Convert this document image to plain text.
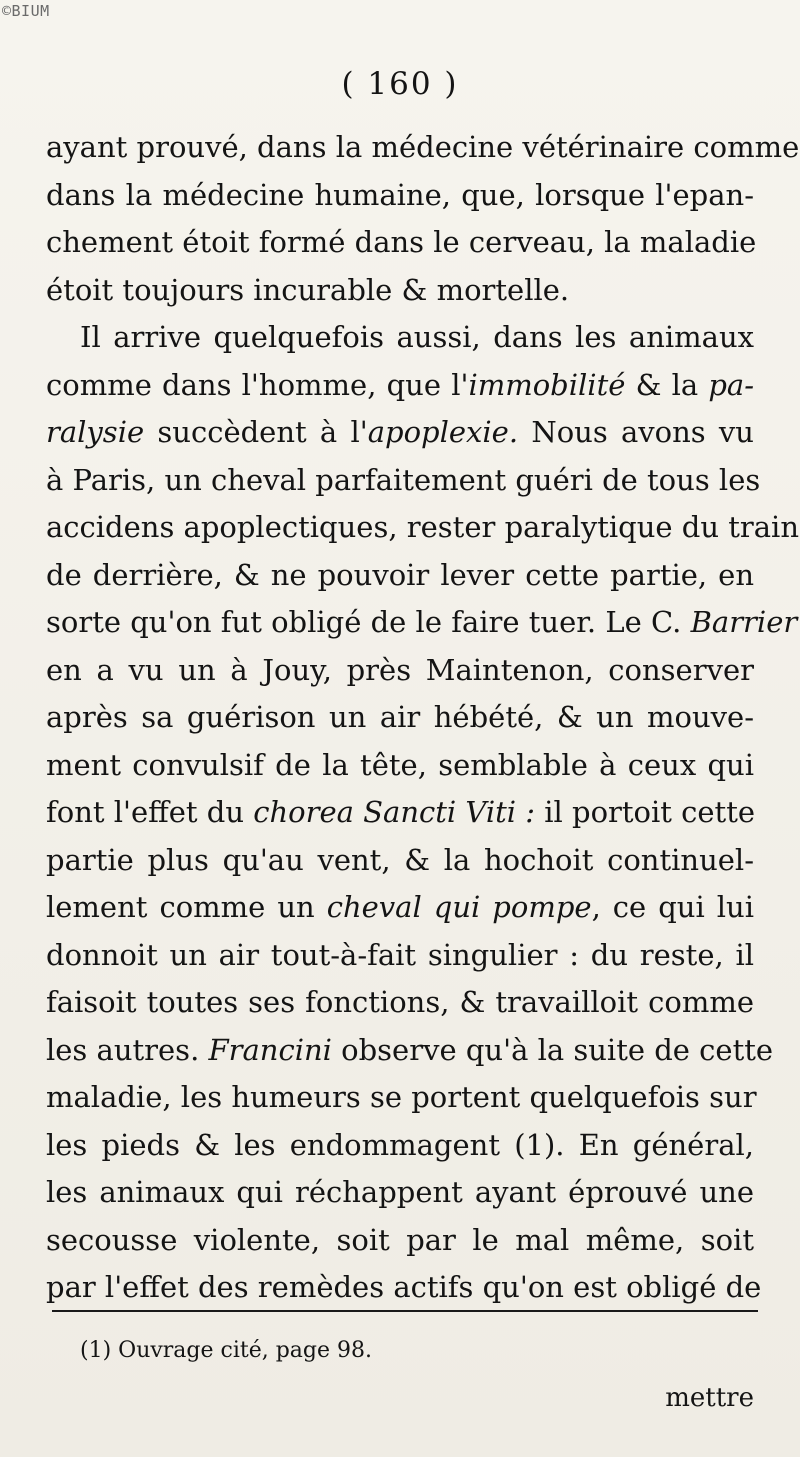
©BIUM
( 160 )
ayant prouvé, dans la médecine vétérinaire comme
dans la médecine humaine, que, lorsque l'epan-
chement étoit formé dans le cerveau, la maladie
étoit toujours incurable & mortelle.
Il arrive quelquefois aussi, dans les animaux
comme dans l'homme, que l'immobilité & la pa-
ralysie succèdent à l'apoplexie. Nous avons vu
à Paris, un cheval parfaitement guéri de tous les
accidens apoplectiques, rester paralytique du train
de derrière, & ne pouvoir lever cette partie, en
sorte qu'on fut obligé de le faire tuer. Le C. Barrier
en a vu un à Jouy, près Maintenon, conserver
après sa guérison un air hébété, & un mouve-
ment convulsif de la tête, semblable à ceux qui
font l'effet du chorea Sancti Viti : il portoit cette
partie plus qu'au vent, & la hochoit continuel-
lement comme un cheval qui pompe, ce qui lui
donnoit un air tout-à-fait singulier : du reste, il
faisoit toutes ses fonctions, & travailloit comme
les autres. Francini observe qu'à la suite de cette
maladie, les humeurs se portent quelquefois sur
les pieds & les endommagent (1). En général,
les animaux qui réchappent ayant éprouvé une
secousse violente, soit par le mal même, soit
par l'effet des remèdes actifs qu'on est obligé de
(1) Ouvrage cité, page 98.
mettre
